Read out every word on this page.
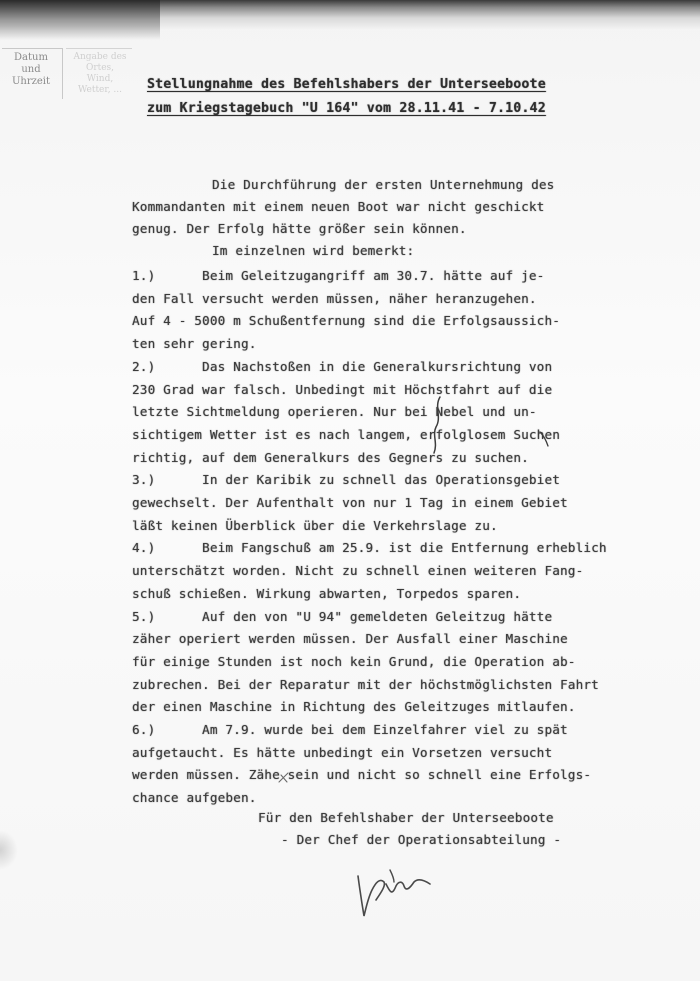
Datum
und
Uhrzeit
Angabe des Ortes,
Wind, Wetter, ...	Stellungnahme des Befehlshabers der Unterseeboote
zum Kriegstagebuch "U 164" vom 28.11.41 - 7.10.42
Die Durchführung der ersten Unternehmung des
Kommandanten mit einem neuen Boot war nicht geschickt
genug. Der Erfolg hätte größer sein können.
Im einzelnen wird bemerkt:
1.)      Beim Geleitzugangriff am 30.7. hätte auf je-
den Fall versucht werden müssen, näher heranzugehen.
Auf 4 - 5000 m Schußentfernung sind die Erfolgsaussich-
ten sehr gering.
2.)      Das Nachstoßen in die Generalkursrichtung von
230 Grad war falsch. Unbedingt mit Höchstfahrt auf die
letzte Sichtmeldung operieren. Nur bei Nebel und un-
sichtigem Wetter ist es nach langem, erfolglosem Suchen
richtig, auf dem Generalkurs des Gegners zu suchen.
3.)      In der Karibik zu schnell das Operationsgebiet
gewechselt. Der Aufenthalt von nur 1 Tag in einem Gebiet
läßt keinen Überblick über die Verkehrslage zu.
4.)      Beim Fangschuß am 25.9. ist die Entfernung erheblich
unterschätzt worden. Nicht zu schnell einen weiteren Fang-
schuß schießen. Wirkung abwarten, Torpedos sparen.
5.)      Auf den von "U 94" gemeldeten Geleitzug hätte
zäher operiert werden müssen. Der Ausfall einer Maschine
für einige Stunden ist noch kein Grund, die Operation ab-
zubrechen. Bei der Reparatur mit der höchstmöglichsten Fahrt
der einen Maschine in Richtung des Geleitzuges mitlaufen.
6.)      Am 7.9. wurde bei dem Einzelfahrer viel zu spät
aufgetaucht. Es hätte unbedingt ein Vorsetzen versucht
werden müssen. Zähe sein und nicht so schnell eine Erfolgs-
chance aufgeben.
Für den Befehlshaber der Unterseeboote
- Der Chef der Operationsabteilung -
